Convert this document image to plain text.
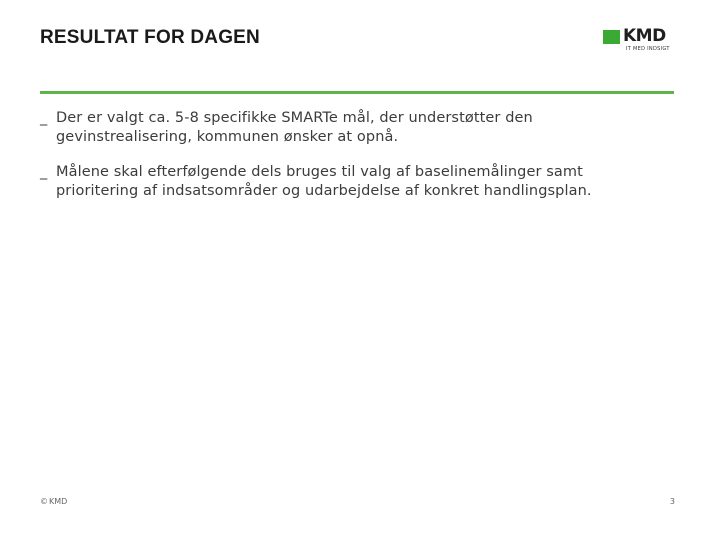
RESULTAT FOR DAGEN	KMD
IT MED INDSIGT
_ Der er valgt ca. 5-8 specifikke SMARTe mål, der understøtter den gevinstrealisering, kommunen ønsker at opnå.

_ Målene skal efterfølgende dels bruges til valg af baselinemålinger samt prioritering af indsatsområder og udarbejdelse af konkret handlingsplan.

© KMD	3
